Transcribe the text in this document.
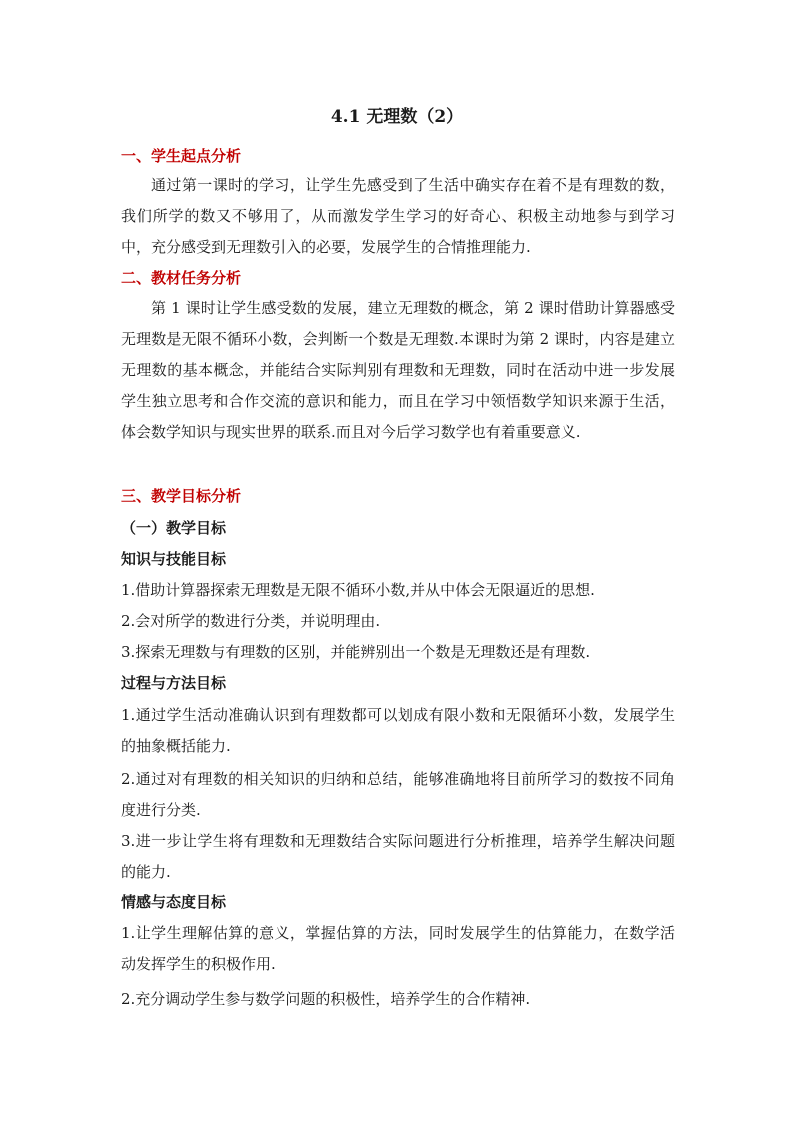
4.1 无理数（2）
一、学生起点分析

通过第一课时的学习，让学生先感受到了生活中确实存在着不是有理数的数，我们所学的数又不够用了，从而激发学生学习的好奇心、积极主动地参与到学习中，充分感受到无理数引入的必要，发展学生的合情推理能力.

二、教材任务分析

第 1 课时让学生感受数的发展，建立无理数的概念，第 2 课时借助计算器感受无理数是无限不循环小数，会判断一个数是无理数.本课时为第 2 课时，内容是建立无理数的基本概念，并能结合实际判别有理数和无理数，同时在活动中进一步发展学生独立思考和合作交流的意识和能力，而且在学习中领悟数学知识来源于生活，体会数学知识与现实世界的联系.而且对今后学习数学也有着重要意义.

三、教学目标分析
（一）教学目标
知识与技能目标
1.借助计算器探索无理数是无限不循环小数,并从中体会无限逼近的思想.
2.会对所学的数进行分类，并说明理由.
3.探索无理数与有理数的区别，并能辨别出一个数是无理数还是有理数.
过程与方法目标

1.通过学生活动准确认识到有理数都可以划成有限小数和无限循环小数，发展学生的抽象概括能力.

2.通过对有理数的相关知识的归纳和总结，能够准确地将目前所学习的数按不同角度进行分类.

3.进一步让学生将有理数和无理数结合实际问题进行分析推理，培养学生解决问题的能力.

情感与态度目标

1.让学生理解估算的意义，掌握估算的方法，同时发展学生的估算能力，在数学活动发挥学生的积极作用.

2.充分调动学生参与数学问题的积极性，培养学生的合作精神.
